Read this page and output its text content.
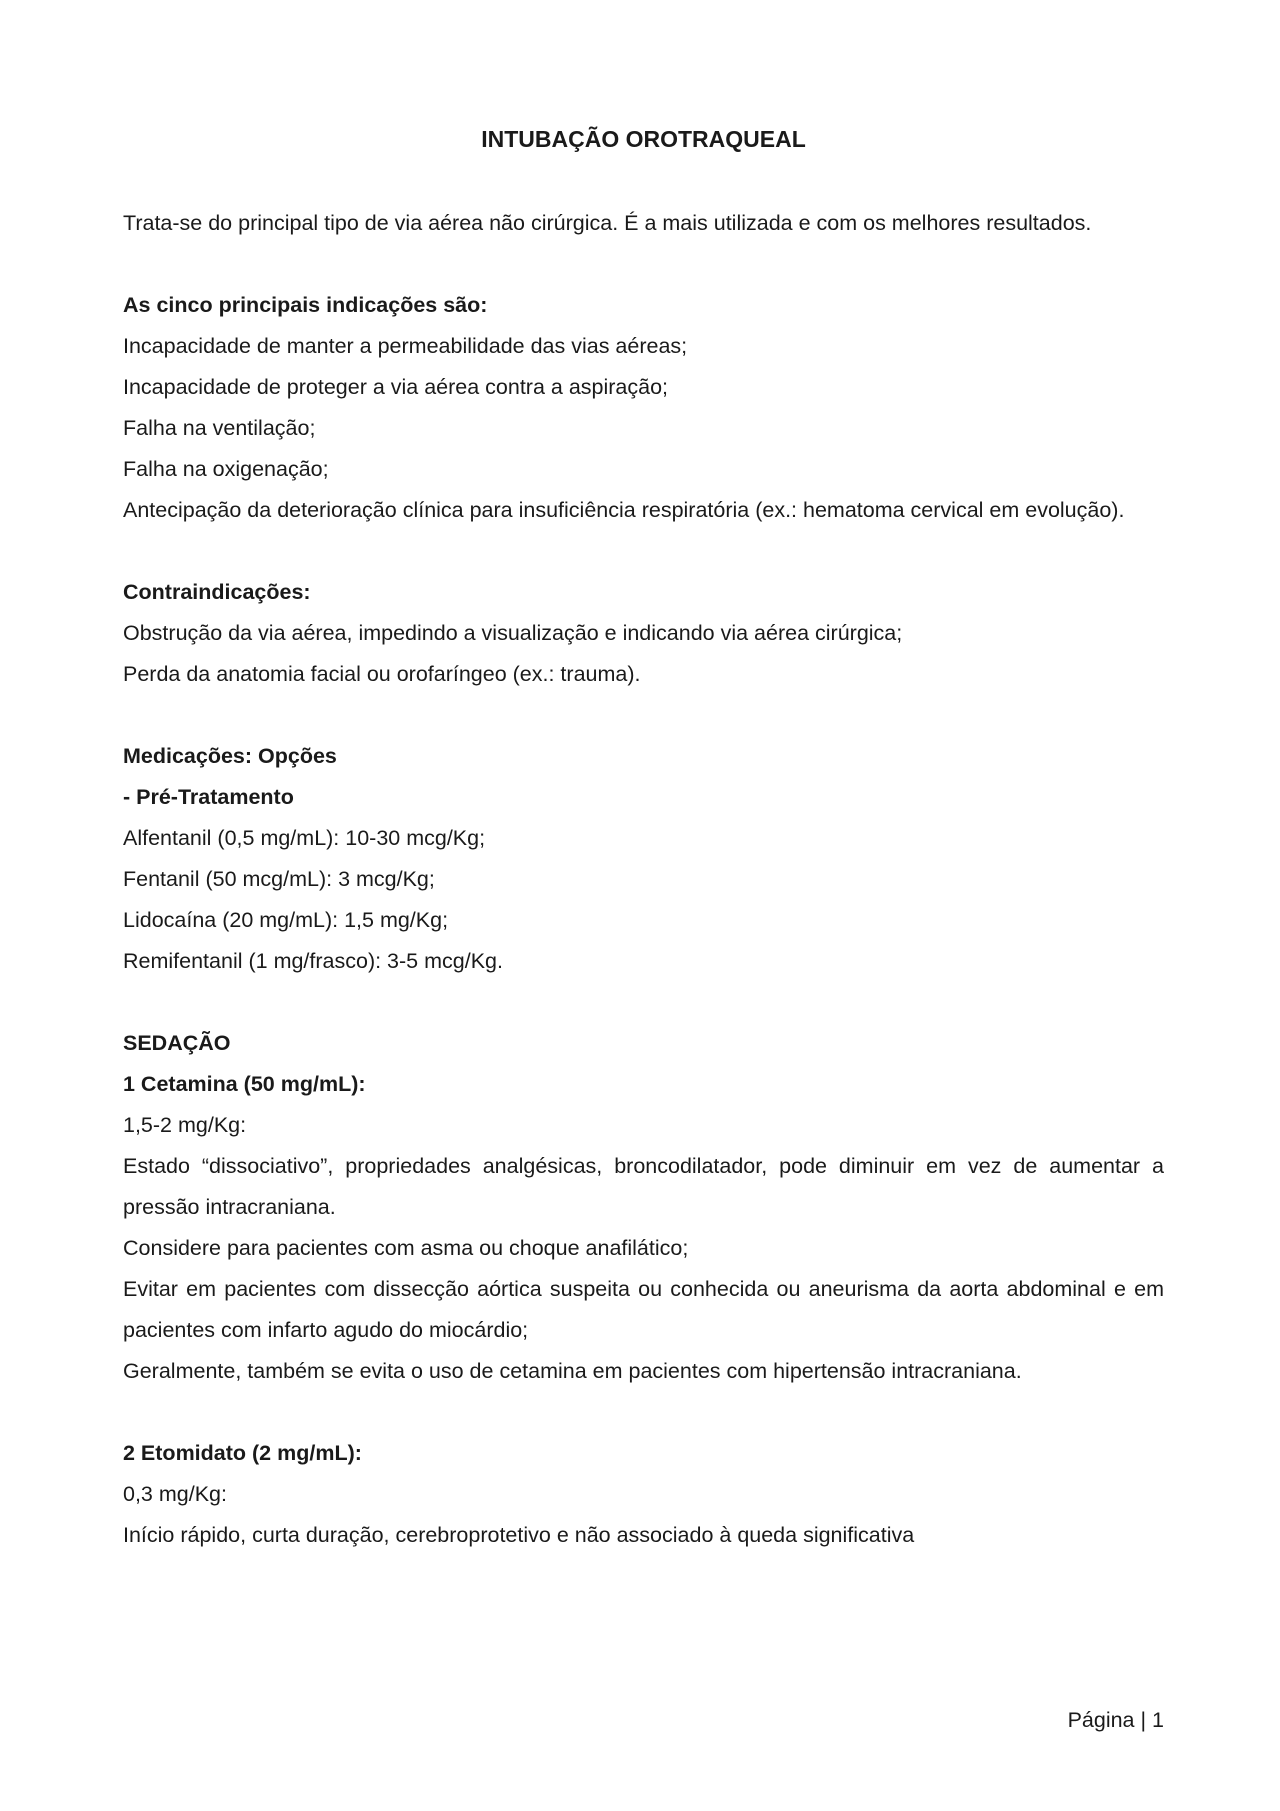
INTUBAÇÃO OROTRAQUEAL

Trata-se do principal tipo de via aérea não cirúrgica. É a mais utilizada e com os melhores resultados.

As cinco principais indicações são:

Incapacidade de manter a permeabilidade das vias aéreas;

Incapacidade de proteger a via aérea contra a aspiração;

Falha na ventilação;

Falha na oxigenação;

Antecipação da deterioração clínica para insuficiência respiratória (ex.: hematoma cervical em evolução).

Contraindicações:

Obstrução da via aérea, impedindo a visualização e indicando via aérea cirúrgica;

Perda da anatomia facial ou orofaríngeo (ex.: trauma).

Medicações: Opções

- Pré-Tratamento

Alfentanil (0,5 mg/mL): 10-30 mcg/Kg;

Fentanil (50 mcg/mL): 3 mcg/Kg;

Lidocaína (20 mg/mL): 1,5 mg/Kg;

Remifentanil (1 mg/frasco): 3-5 mcg/Kg.

SEDAÇÃO

1 Cetamina (50 mg/mL):

1,5-2 mg/Kg:

Estado “dissociativo”, propriedades analgésicas, broncodilatador, pode diminuir em vez de aumentar a pressão intracraniana.

Considere para pacientes com asma ou choque anafilático;

Evitar em pacientes com dissecção aórtica suspeita ou conhecida ou aneurisma da aorta abdominal e em pacientes com infarto agudo do miocárdio;

Geralmente, também se evita o uso de cetamina em pacientes com hipertensão intracraniana.

2 Etomidato (2 mg/mL):

0,3 mg/Kg:

Início rápido, curta duração, cerebroprotetivo e não associado à queda significativa

Página | 1
